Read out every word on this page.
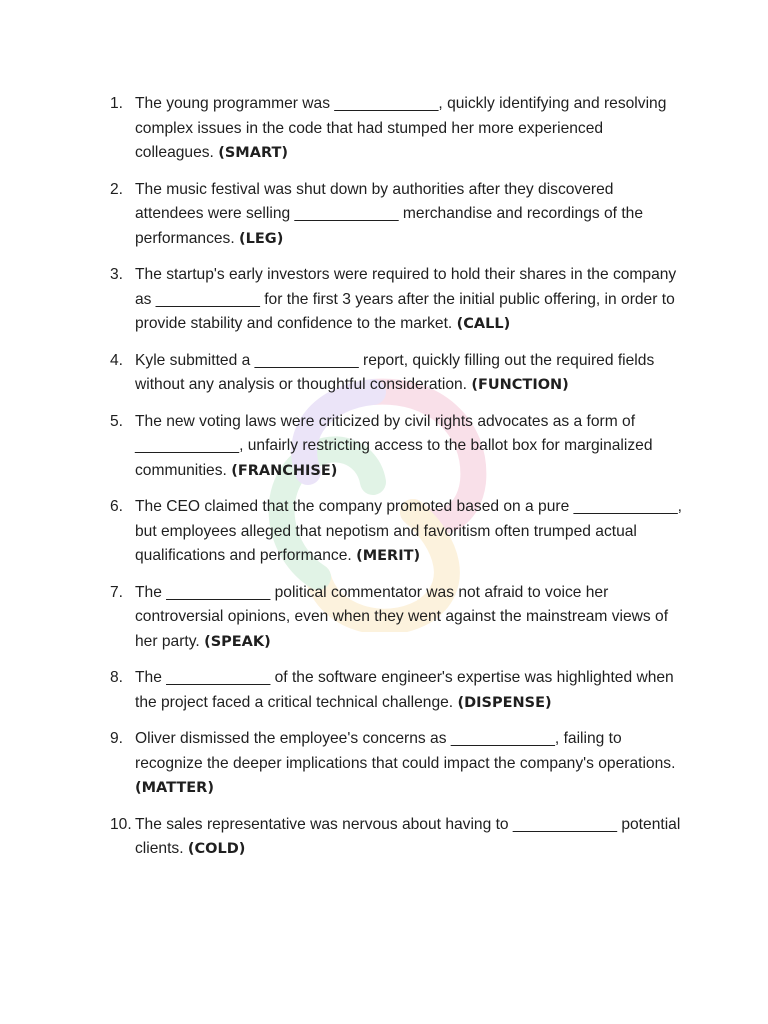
1. The young programmer was ____________, quickly identifying and resolving complex issues in the code that had stumped her more experienced colleagues. (SMART)
2. The music festival was shut down by authorities after they discovered attendees were selling ____________ merchandise and recordings of the performances. (LEG)
3. The startup's early investors were required to hold their shares in the company as ____________ for the first 3 years after the initial public offering, in order to provide stability and confidence to the market. (CALL)
4. Kyle submitted a ____________ report, quickly filling out the required fields without any analysis or thoughtful consideration. (FUNCTION)
5. The new voting laws were criticized by civil rights advocates as a form of ____________, unfairly restricting access to the ballot box for marginalized communities. (FRANCHISE)
6. The CEO claimed that the company promoted based on a pure ____________, but employees alleged that nepotism and favoritism often trumped actual qualifications and performance. (MERIT)
7. The ____________ political commentator was not afraid to voice her controversial opinions, even when they went against the mainstream views of her party. (SPEAK)
8. The ____________ of the software engineer's expertise was highlighted when the project faced a critical technical challenge. (DISPENSE)
9. Oliver dismissed the employee's concerns as ____________, failing to recognize the deeper implications that could impact the company's operations. (MATTER)
10. The sales representative was nervous about having to ____________ potential clients. (COLD)
